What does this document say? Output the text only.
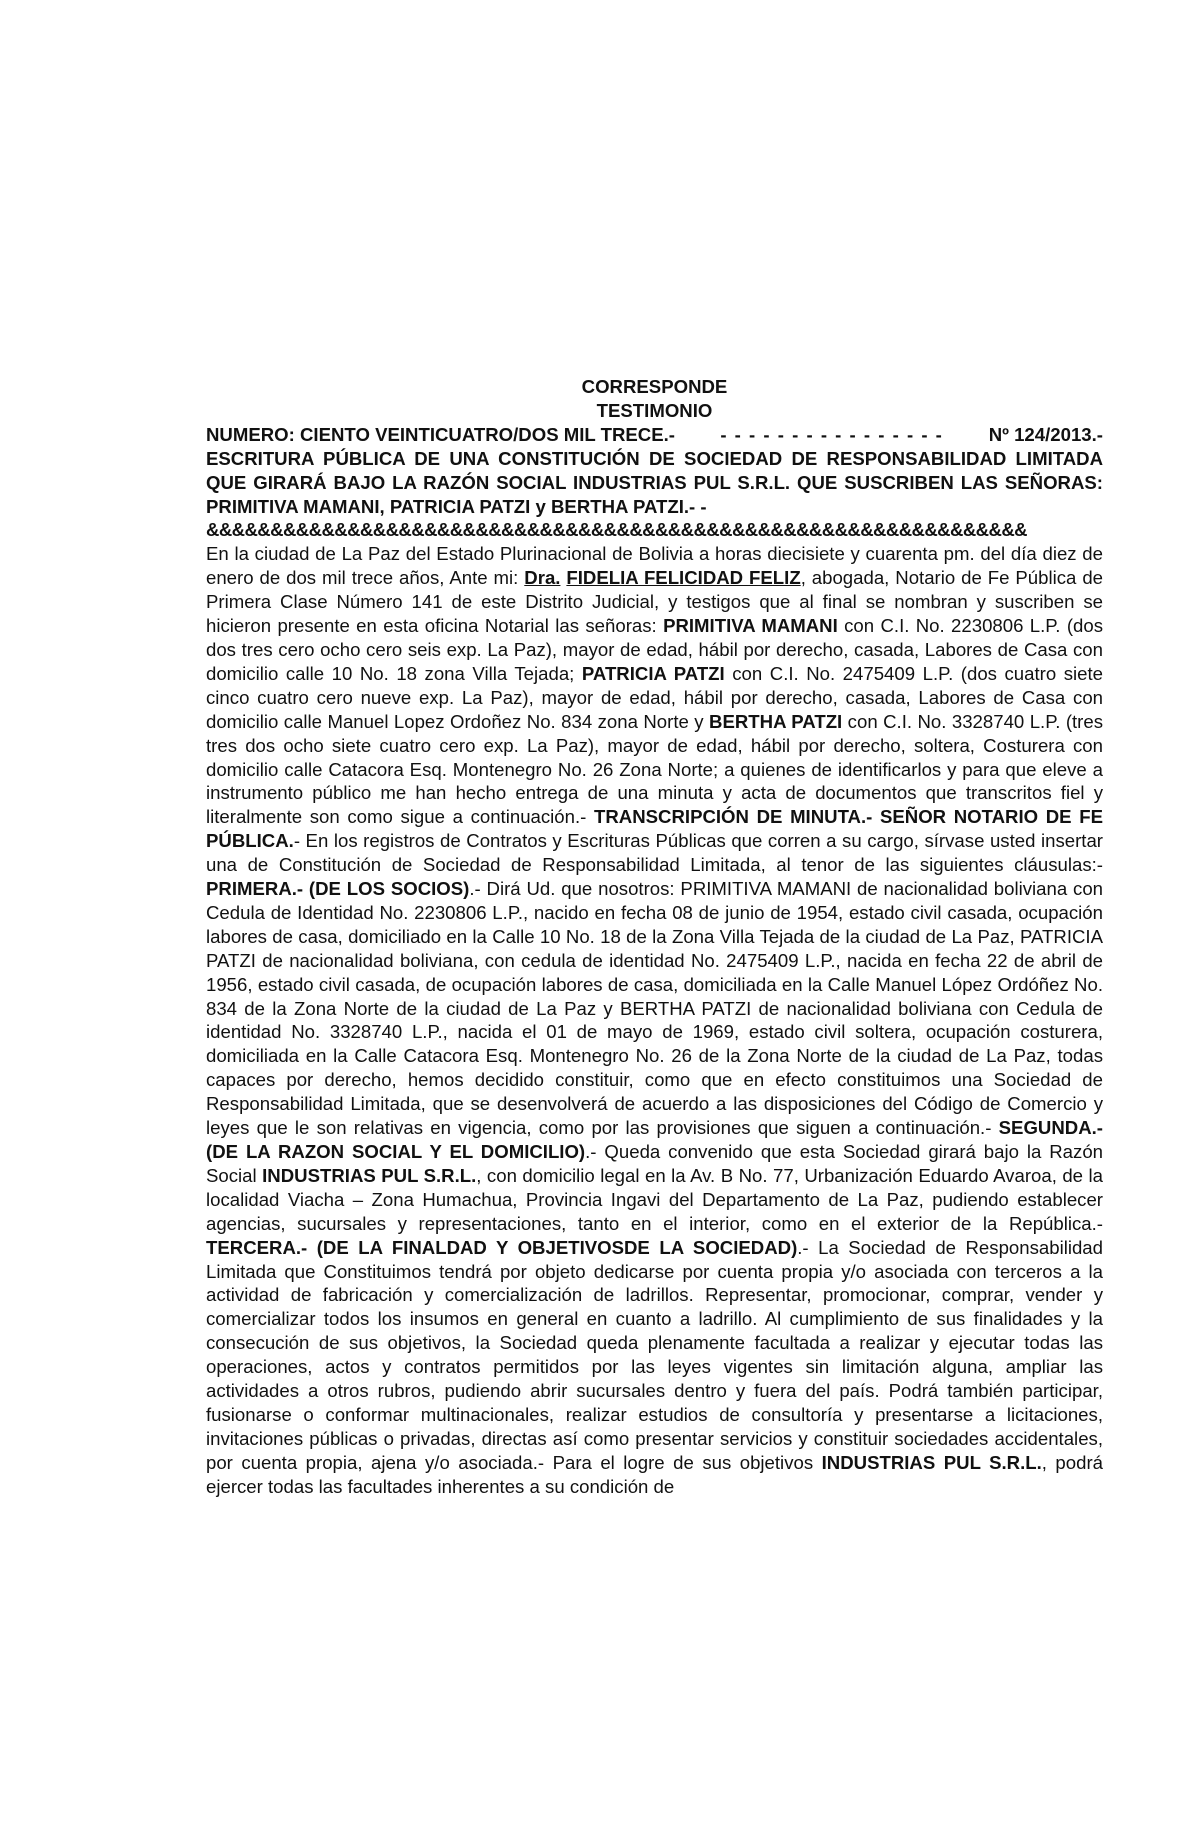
CORRESPONDE
TESTIMONIO
NUMERO: CIENTO VEINTICUATRO/DOS MIL TRECE.-	- - - - - - - - - - - - - - - -	Nº 124/2013.-
ESCRITURA PÚBLICA DE UNA CONSTITUCIÓN DE SOCIEDAD DE RESPONSABILIDAD LIMITADA QUE GIRARÁ BAJO LA RAZÓN SOCIAL INDUSTRIAS PUL S.R.L. QUE SUSCRIBEN LAS SEÑORAS: PRIMITIVA MAMANI, PATRICIA PATZI y BERTHA PATZI.- -
&&&&&&&&&&&&&&&&&&&&&&&&&&&&&&&&&&&&&&&&&&&&&&&&&&&&&&&&&&&&&&&&

En la ciudad de La Paz del Estado Plurinacional de Bolivia a horas diecisiete y cuarenta pm. del día diez de enero de dos mil trece años, Ante mi: Dra. FIDELIA FELICIDAD FELIZ, abogada, Notario de Fe Pública de Primera Clase Número 141 de este Distrito Judicial, y testigos que al final se nombran y suscriben se hicieron presente en esta oficina Notarial las señoras: PRIMITIVA MAMANI con C.I. No. 2230806 L.P. (dos dos tres cero ocho cero seis exp. La Paz), mayor de edad, hábil por derecho, casada, Labores de Casa con domicilio calle 10 No. 18 zona Villa Tejada; PATRICIA PATZI con C.I. No. 2475409 L.P. (dos cuatro siete cinco cuatro cero nueve exp. La Paz), mayor de edad, hábil por derecho, casada, Labores de Casa con domicilio calle Manuel Lopez Ordoñez No. 834 zona Norte y BERTHA PATZI con C.I. No. 3328740 L.P. (tres tres dos ocho siete cuatro cero exp. La Paz), mayor de edad, hábil por derecho, soltera, Costurera con domicilio calle Catacora Esq. Montenegro No. 26 Zona Norte; a quienes de identificarlos y para que eleve a instrumento público me han hecho entrega de una minuta y acta de documentos que transcritos fiel y literalmente son como sigue a continuación.- TRANSCRIPCIÓN DE MINUTA.- SEÑOR NOTARIO DE FE PÚBLICA.- En los registros de Contratos y Escrituras Públicas que corren a su cargo, sírvase usted insertar una de Constitución de Sociedad de Responsabilidad Limitada, al tenor de las siguientes cláusulas:- PRIMERA.- (DE LOS SOCIOS).- Dirá Ud. que nosotros: PRIMITIVA MAMANI de nacionalidad boliviana con Cedula de Identidad No. 2230806 L.P., nacido en fecha 08 de junio de 1954, estado civil casada, ocupación labores de casa, domiciliado en la Calle 10 No. 18 de la Zona Villa Tejada de la ciudad de La Paz, PATRICIA PATZI de nacionalidad boliviana, con cedula de identidad No. 2475409 L.P., nacida en fecha 22 de abril de 1956, estado civil casada, de ocupación labores de casa, domiciliada en la Calle Manuel López Ordóñez No. 834 de la Zona Norte de la ciudad de La Paz y BERTHA PATZI de nacionalidad boliviana con Cedula de identidad No. 3328740 L.P., nacida el 01 de mayo de 1969, estado civil soltera, ocupación costurera, domiciliada en la Calle Catacora Esq. Montenegro No. 26 de la Zona Norte de la ciudad de La Paz, todas capaces por derecho, hemos decidido constituir, como que en efecto constituimos una Sociedad de Responsabilidad Limitada, que se desenvolverá de acuerdo a las disposiciones del Código de Comercio y leyes que le son relativas en vigencia, como por las provisiones que siguen a continuación.- SEGUNDA.- (DE LA RAZON SOCIAL Y EL DOMICILIO).- Queda convenido que esta Sociedad girará bajo la Razón Social INDUSTRIAS PUL S.R.L., con domicilio legal en la Av. B No. 77, Urbanización Eduardo Avaroa, de la localidad Viacha – Zona Humachua, Provincia Ingavi del Departamento de La Paz, pudiendo establecer agencias, sucursales y representaciones, tanto en el interior, como en el exterior de la República.- TERCERA.- (DE LA FINALDAD Y OBJETIVOSDE LA SOCIEDAD).- La Sociedad de Responsabilidad Limitada que Constituimos tendrá por objeto dedicarse por cuenta propia y/o asociada con terceros a la actividad de fabricación y comercialización de ladrillos. Representar, promocionar, comprar, vender y comercializar todos los insumos en general en cuanto a ladrillo. Al cumplimiento de sus finalidades y la consecución de sus objetivos, la Sociedad queda plenamente facultada a realizar y ejecutar todas las operaciones, actos y contratos permitidos por las leyes vigentes sin limitación alguna, ampliar las actividades a otros rubros, pudiendo abrir sucursales dentro y fuera del país. Podrá también participar, fusionarse o conformar multinacionales, realizar estudios de consultoría y presentarse a licitaciones, invitaciones públicas o privadas, directas así como presentar servicios y constituir sociedades accidentales, por cuenta propia, ajena y/o asociada.- Para el logre de sus objetivos INDUSTRIAS PUL S.R.L., podrá ejercer todas las facultades inherentes a su condición de
